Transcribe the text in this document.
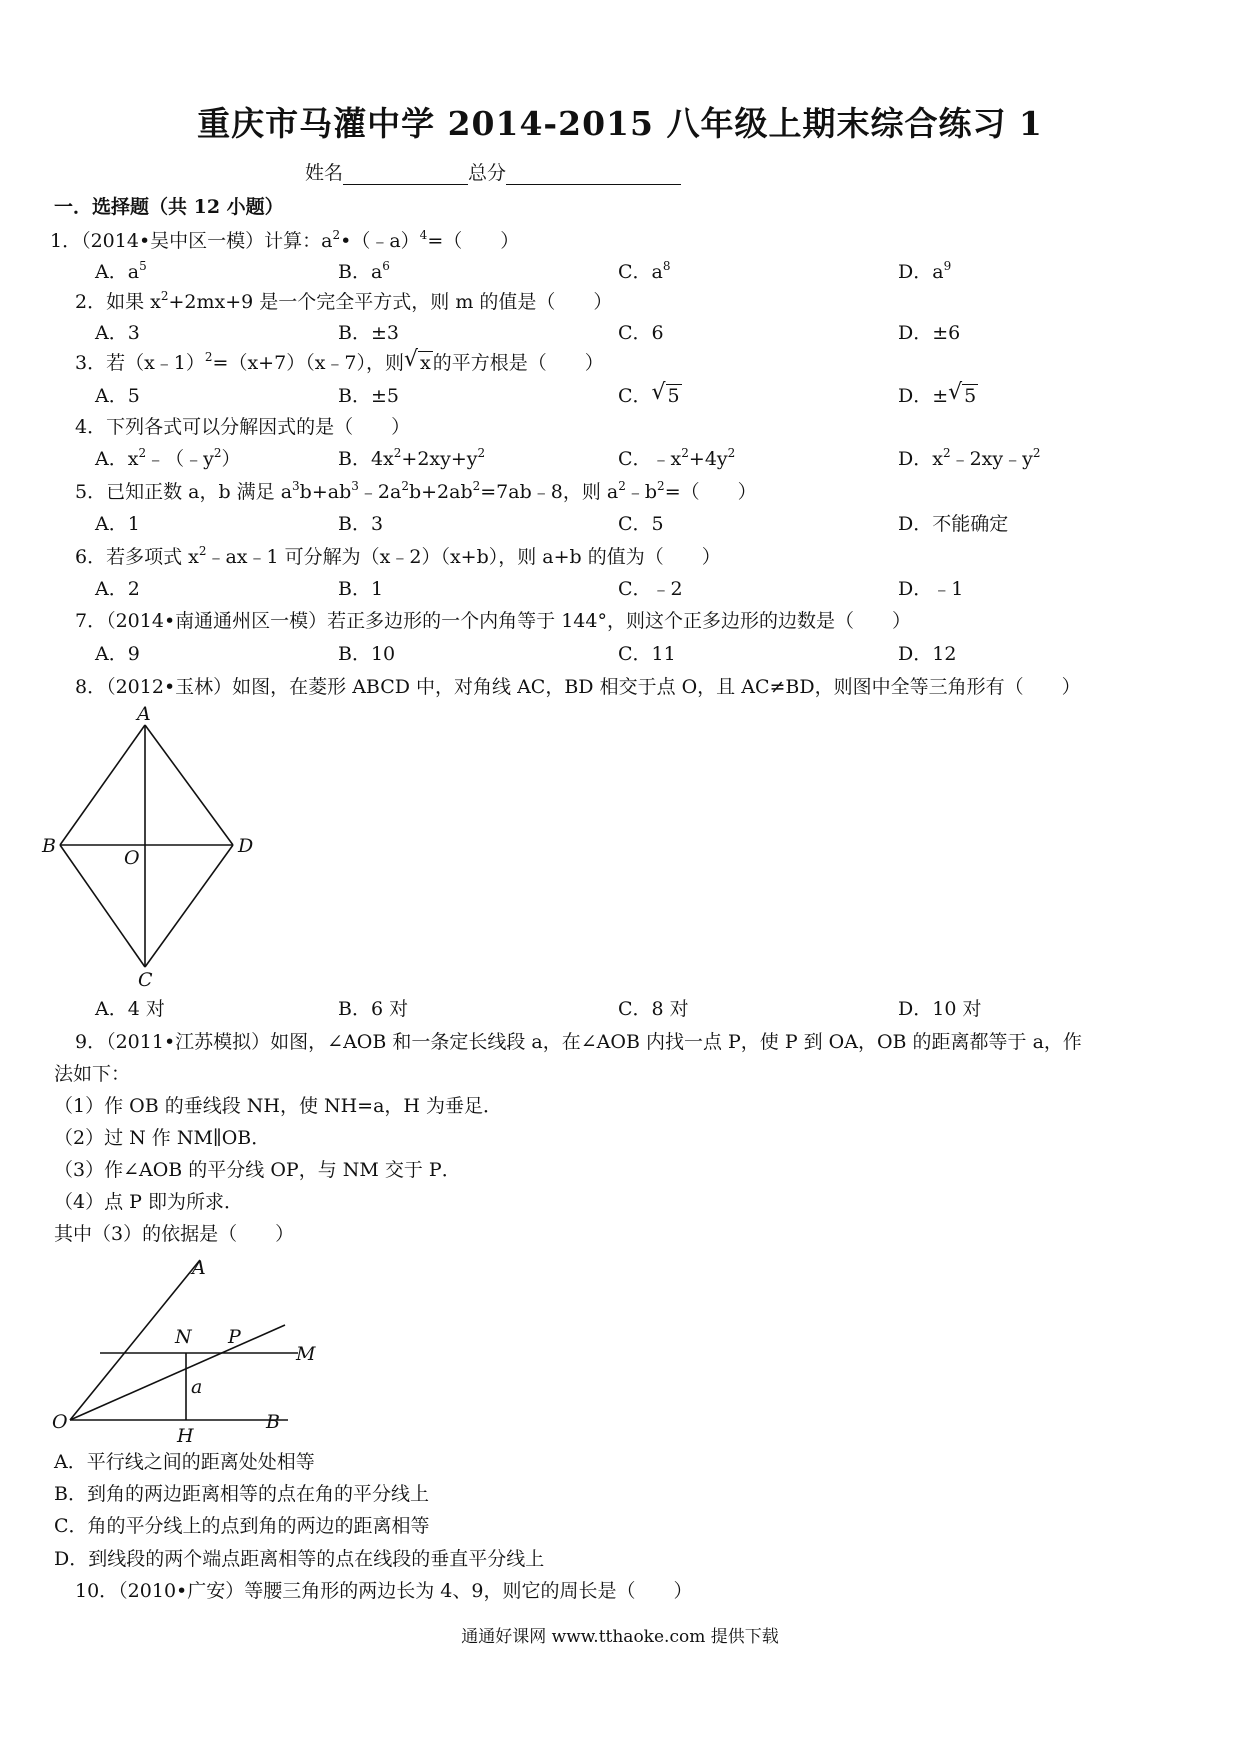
重庆市马灌中学 2014-2015 八年级上期末综合练习 1
姓名	总分
一．选择题（共 12 小题）
1．（2014•吴中区一模）计算：$a^2•(﹣a)^4=$（　　）
A．$a^5$	B．$a^6$	C．$a^8$	D．$a^9$
2．如果 $x^2+2mx+9$ 是一个完全平方式，则 m 的值是（　　）
A．3	B．±3	C．6	D．±6
3．若（x﹣1）$^2$=（x+7）（x﹣7），则 √ x 的平方根是（　　）
A．5	B．±5	C． √ 5	D．± √ 5
4．下列各式可以分解因式的是（　　）
A．$x^2﹣(﹣y^2)$	B．$4x^2+2xy+y^2$	C．$﹣x^2+4y^2$	D．$x^2﹣2xy﹣y^2$
5．已知正数 a，b 满足 $a^3b+ab^3﹣2a^2b+2ab^2=7ab﹣8$，则 $a^2﹣b^2=$（　　）
A．1	B．3	C．5	D．不能确定
6．若多项式 $x^2﹣ax﹣1$ 可分解为（x﹣2）（x+b），则 a+b 的值为（　　）
A．2	B．1	C．﹣2	D．﹣1
7．（2014•南通通州区一模）若正多边形的一个内角等于 144°，则这个正多边形的边数是（　　）
A．9	B．10	C．11	D．12
8．（2012•玉林）如图，在菱形 ABCD 中，对角线 AC，BD 相交于点 O，且 AC≠BD，则图中全等三角形有（　　）
A
B
O
D
C
A．4 对	B．6 对	C．8 对	D．10 对
9．（2011•江苏模拟）如图，∠AOB 和一条定长线段 a，在∠AOB 内找一点 P，使 P 到 OA，OB 的距离都等于 a，作
法如下：
（1）作 OB 的垂线段 NH，使 NH=a，H 为垂足．
（2）过 N 作 NM∥OB．
（3）作∠AOB 的平分线 OP，与 NM 交于 P．
（4）点 P 即为所求．
其中（3）的依据是（　　）
A
N P
M
a
O
H
B
A．平行线之间的距离处处相等
B．到角的两边距离相等的点在角的平分线上
C．角的平分线上的点到角的两边的距离相等
D．到线段的两个端点距离相等的点在线段的垂直平分线上
10．（2010•广安）等腰三角形的两边长为 4、9，则它的周长是（　　）
通通好课网 www.tthaoke.com 提供下载
